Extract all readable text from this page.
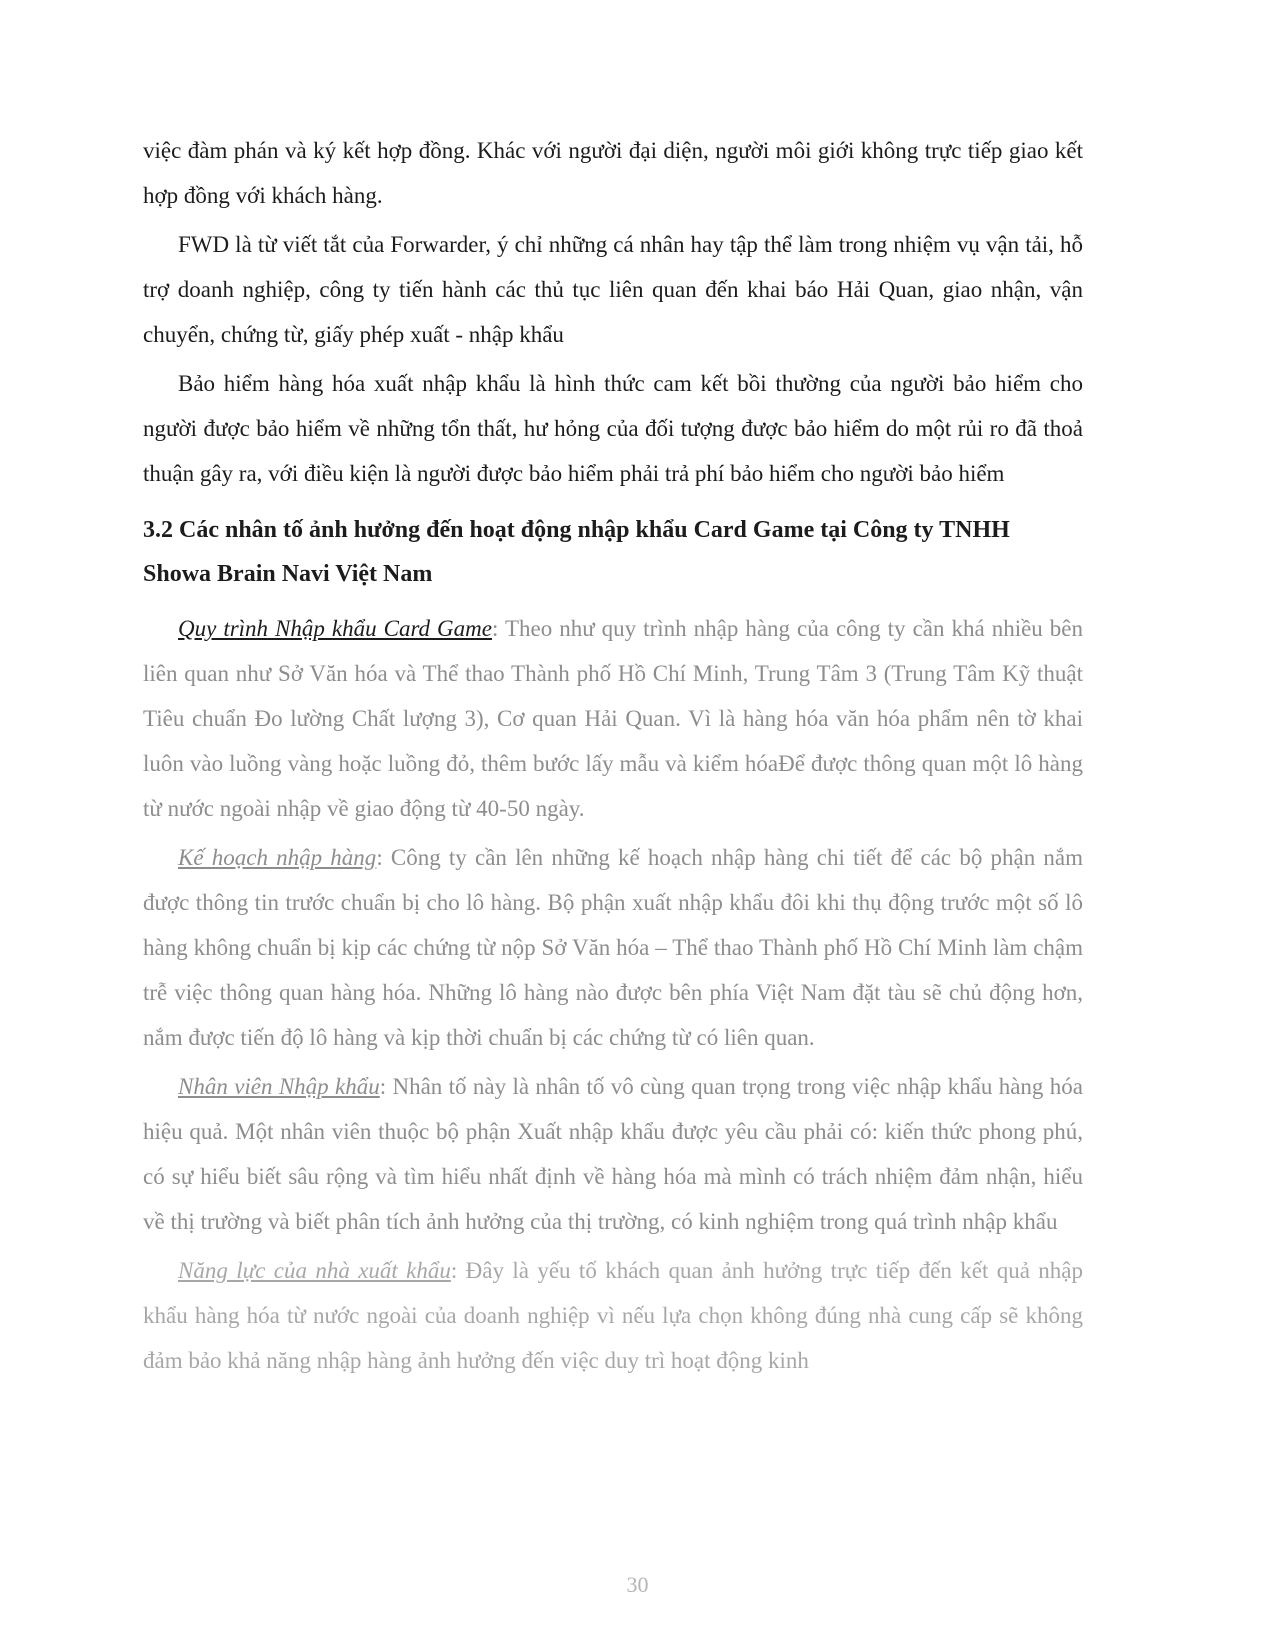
việc đàm phán và ký kết hợp đồng. Khác với người đại diện, người môi giới không trực tiếp giao kết hợp đồng với khách hàng.

FWD là từ viết tắt của Forwarder, ý chỉ những cá nhân hay tập thể làm trong nhiệm vụ vận tải, hỗ trợ doanh nghiệp, công ty tiến hành các thủ tục liên quan đến khai báo Hải Quan, giao nhận, vận chuyển, chứng từ, giấy phép xuất - nhập khẩu

Bảo hiểm hàng hóa xuất nhập khẩu là hình thức cam kết bồi thường của người bảo hiểm cho người được bảo hiểm về những tổn thất, hư hỏng của đối tượng được bảo hiểm do một rủi ro đã thoả thuận gây ra, với điều kiện là người được bảo hiểm phải trả phí bảo hiểm cho người bảo hiểm

3.2 Các nhân tố ảnh hưởng đến hoạt động nhập khẩu Card Game tại Công ty TNHH Showa Brain Navi Việt Nam

Quy trình Nhập khẩu Card Game: Theo như quy trình nhập hàng của công ty cần khá nhiều bên liên quan như Sở Văn hóa và Thể thao Thành phố Hồ Chí Minh, Trung Tâm 3 (Trung Tâm Kỹ thuật Tiêu chuẩn Đo lường Chất lượng 3), Cơ quan Hải Quan. Vì là hàng hóa văn hóa phẩm nên tờ khai luôn vào luồng vàng hoặc luồng đỏ, thêm bước lấy mẫu và kiểm hóaĐể được thông quan một lô hàng từ nước ngoài nhập về giao động từ 40-50 ngày.

Kế hoạch nhập hàng: Công ty cần lên những kế hoạch nhập hàng chi tiết để các bộ phận nắm được thông tin trước chuẩn bị cho lô hàng. Bộ phận xuất nhập khẩu đôi khi thụ động trước một số lô hàng không chuẩn bị kịp các chứng từ nộp Sở Văn hóa – Thể thao Thành phố Hồ Chí Minh làm chậm trễ việc thông quan hàng hóa. Những lô hàng nào được bên phía Việt Nam đặt tàu sẽ chủ động hơn, nắm được tiến độ lô hàng và kịp thời chuẩn bị các chứng từ có liên quan.

Nhân viên Nhập khẩu: Nhân tố này là nhân tố vô cùng quan trọng trong việc nhập khẩu hàng hóa hiệu quả. Một nhân viên thuộc bộ phận Xuất nhập khẩu được yêu cầu phải có: kiến thức phong phú, có sự hiểu biết sâu rộng và tìm hiểu nhất định về hàng hóa mà mình có trách nhiệm đảm nhận, hiểu về thị trường và biết phân tích ảnh hưởng của thị trường, có kinh nghiệm trong quá trình nhập khẩu

Năng lực của nhà xuất khẩu: Đây là yếu tố khách quan ảnh hưởng trực tiếp đến kết quả nhập khẩu hàng hóa từ nước ngoài của doanh nghiệp vì nếu lựa chọn không đúng nhà cung cấp sẽ không đảm bảo khả năng nhập hàng ảnh hưởng đến việc duy trì hoạt động kinh

30
